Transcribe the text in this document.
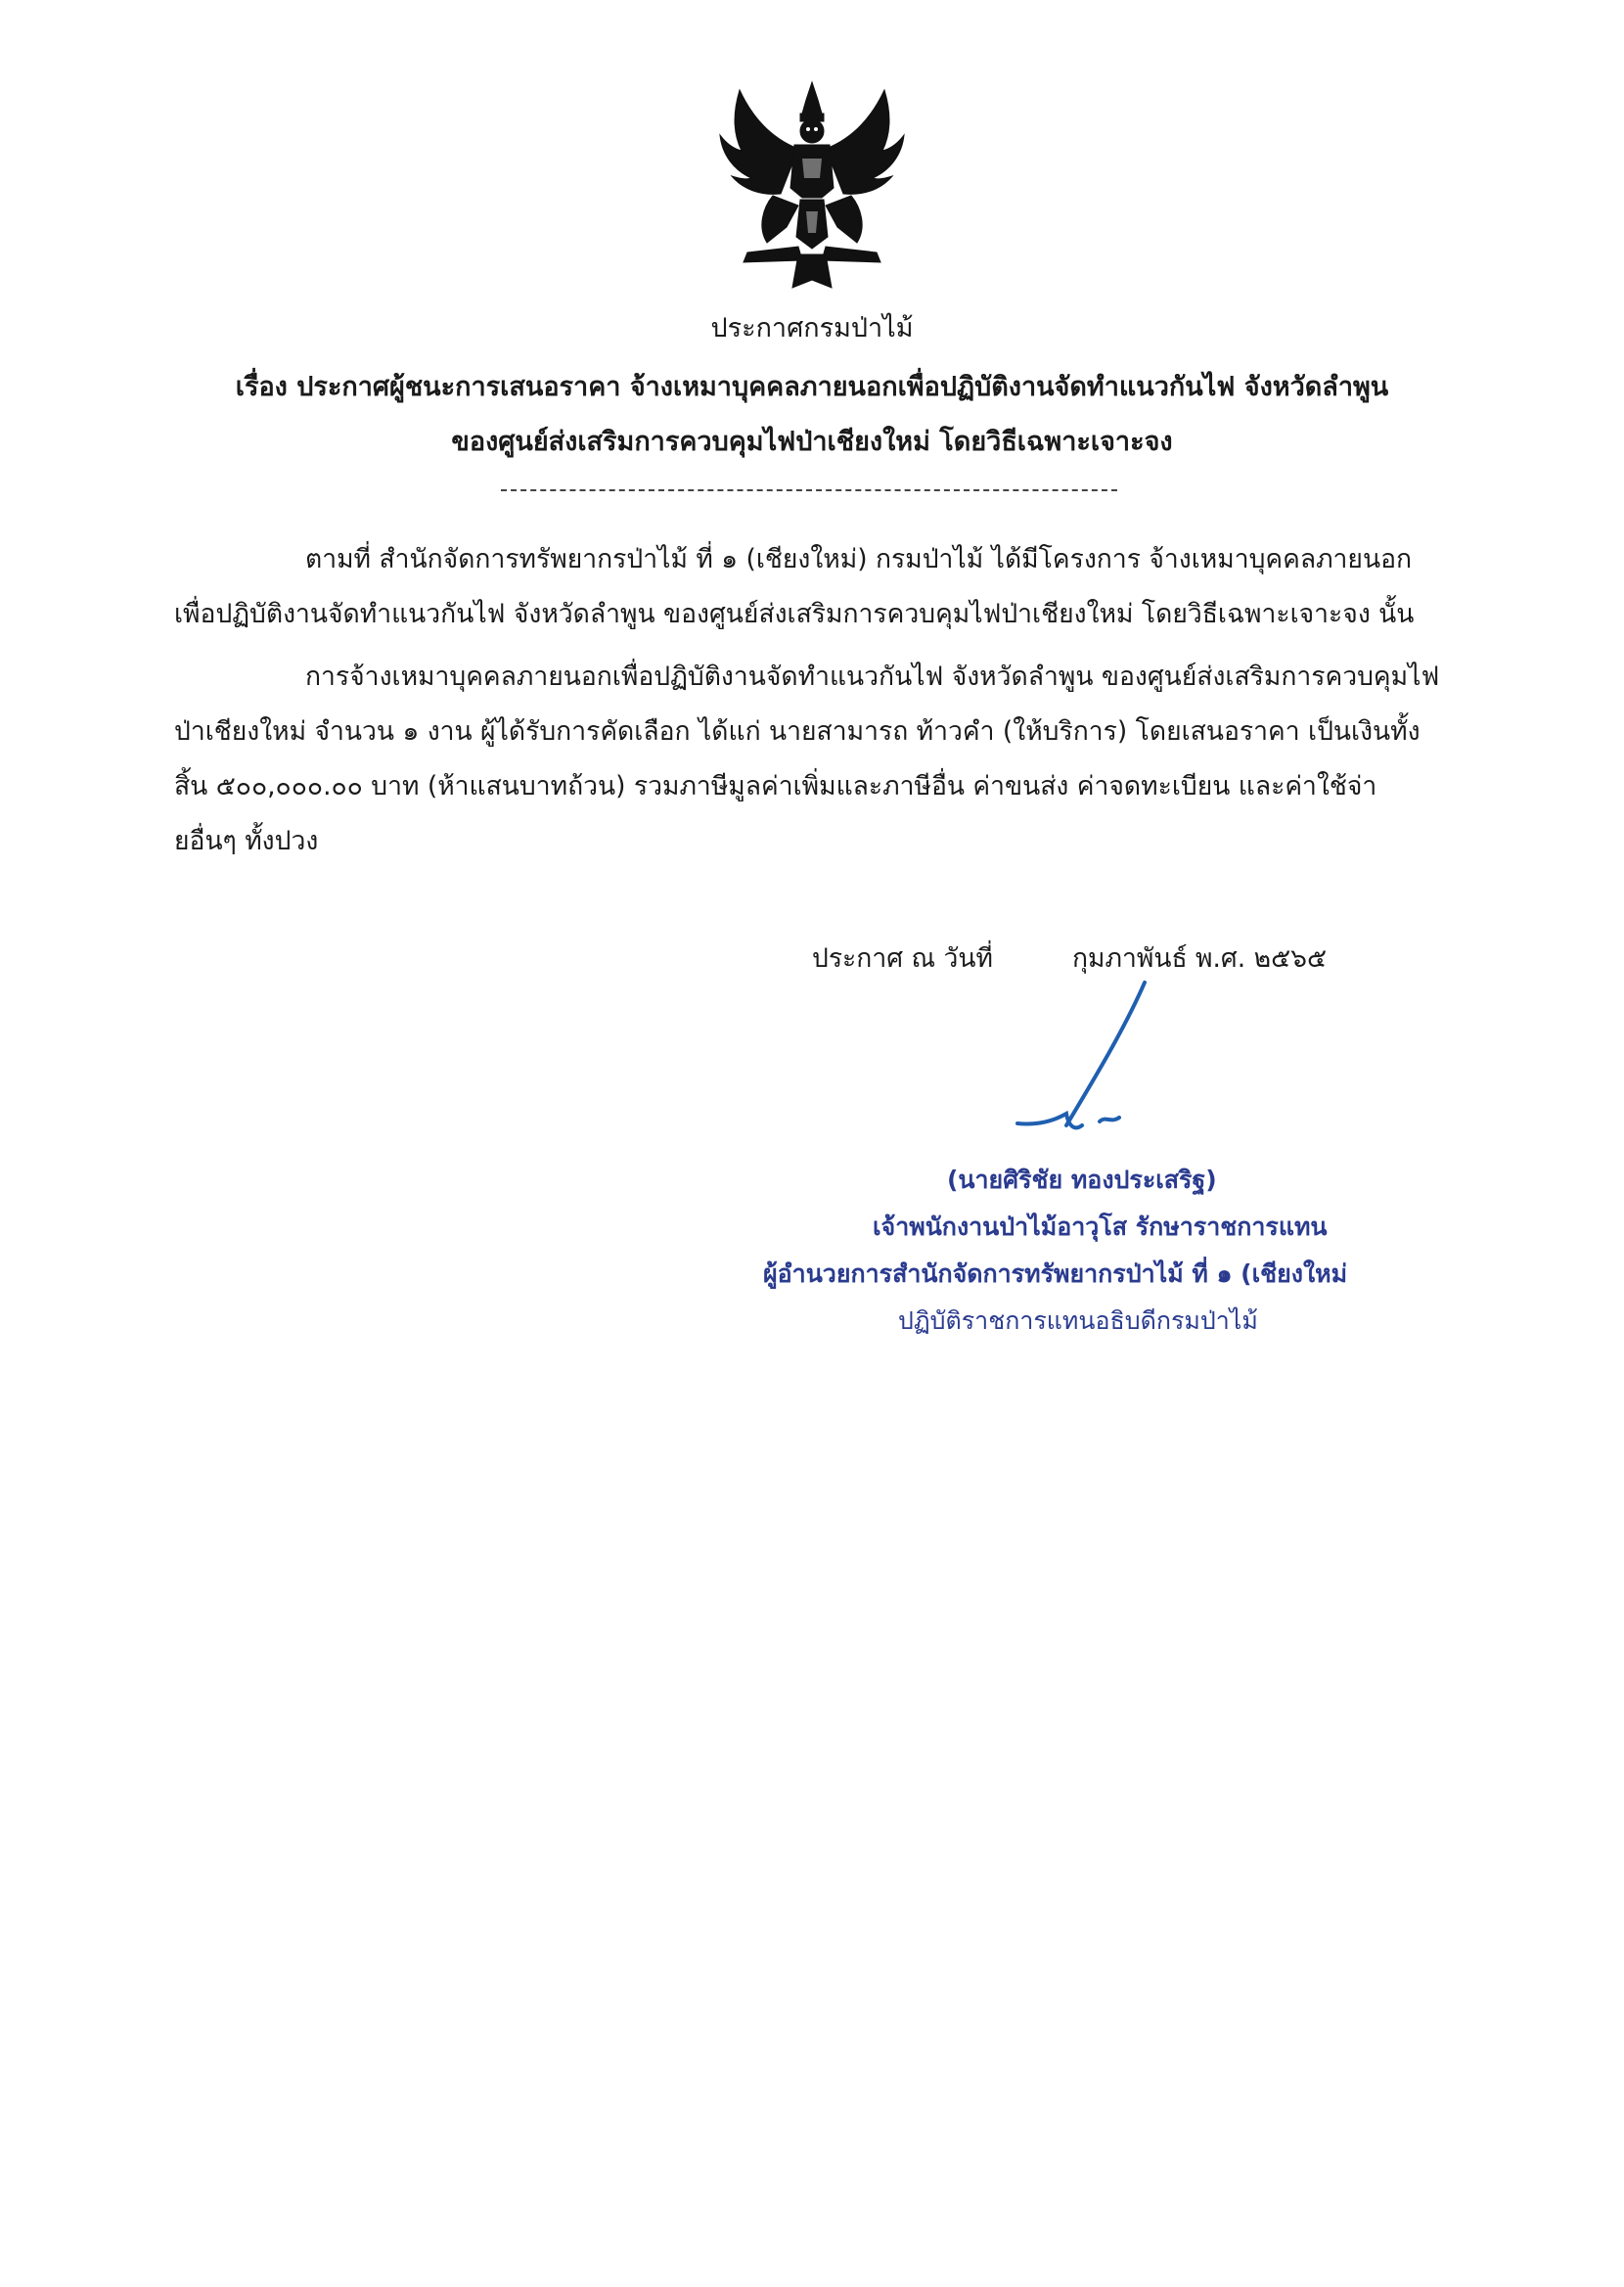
ประกาศกรมป่าไม้
เรื่อง ประกาศผู้ชนะการเสนอราคา จ้างเหมาบุคคลภายนอกเพื่อปฏิบัติงานจัดทำแนวกันไฟ จังหวัดลำพูน
ของศูนย์ส่งเสริมการควบคุมไฟป่าเชียงใหม่ โดยวิธีเฉพาะเจาะจง
ตามที่ สำนักจัดการทรัพยากรป่าไม้ ที่ ๑ (เชียงใหม่) กรมป่าไม้ ได้มีโครงการ จ้างเหมาบุคคลภายนอก
เพื่อปฏิบัติงานจัดทำแนวกันไฟ จังหวัดลำพูน ของศูนย์ส่งเสริมการควบคุมไฟป่าเชียงใหม่ โดยวิธีเฉพาะเจาะจง นั้น
การจ้างเหมาบุคคลภายนอกเพื่อปฏิบัติงานจัดทำแนวกันไฟ จังหวัดลำพูน ของศูนย์ส่งเสริมการควบคุมไฟ
ป่าเชียงใหม่ จำนวน ๑ งาน ผู้ได้รับการคัดเลือก ได้แก่ นายสามารถ ท้าวคำ (ให้บริการ) โดยเสนอราคา เป็นเงินทั้ง
สิ้น ๕๐๐,๐๐๐.๐๐ บาท (ห้าแสนบาทถ้วน) รวมภาษีมูลค่าเพิ่มและภาษีอื่น ค่าขนส่ง ค่าจดทะเบียน และค่าใช้จ่า
ยอื่นๆ ทั้งปวง
ประกาศ ณ วันที่	กุมภาพันธ์ พ.ศ. ๒๕๖๕
(นายศิริชัย ทองประเสริฐ)
เจ้าพนักงานป่าไม้อาวุโส รักษาราชการแทน
ผู้อำนวยการสำนักจัดการทรัพยากรป่าไม้ ที่ ๑ (เชียงใหม่
ปฏิบัติราชการแทนอธิบดีกรมป่าไม้
